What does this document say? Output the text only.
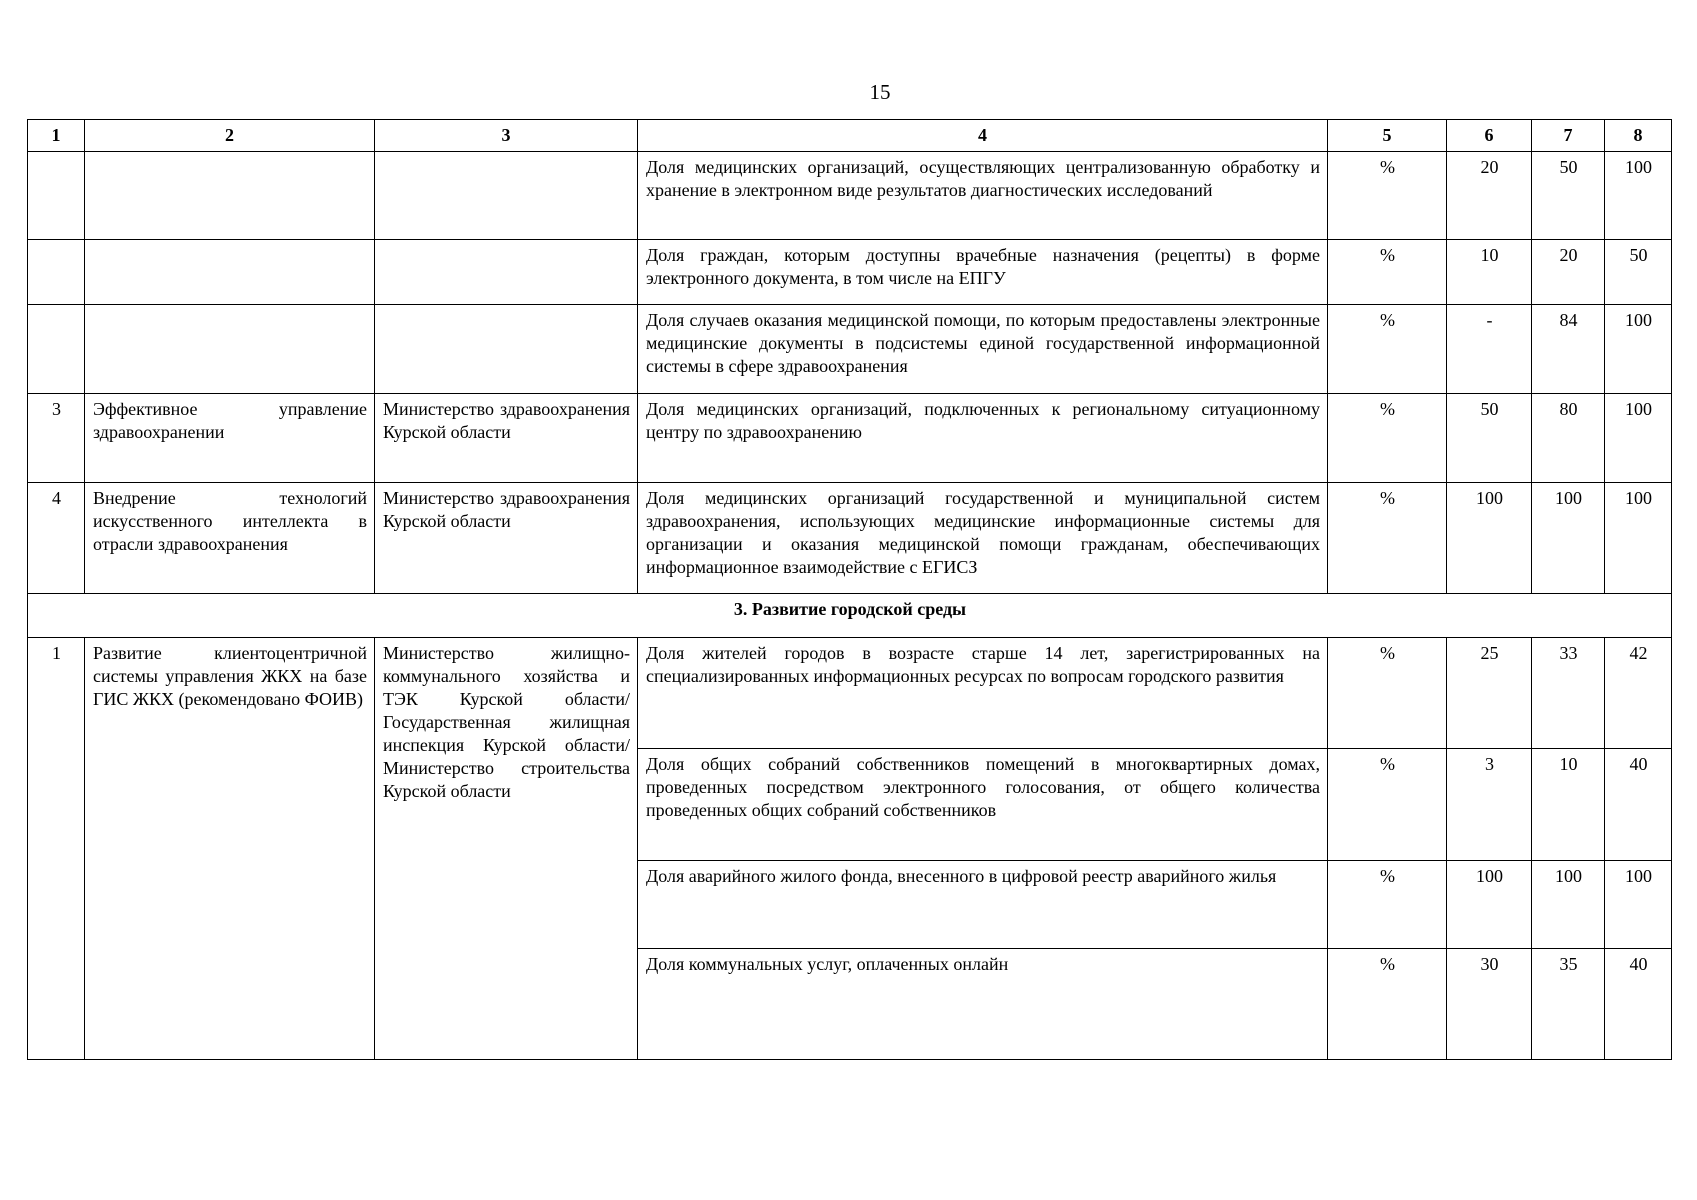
15
1	2	3	4	5	6	7	8
			Доля медицинских организаций, осуществляющих централизованную обработку и хранение в электронном виде результатов диагностических исследований	%	20	50	100
			Доля граждан, которым доступны врачебные назначения (рецепты) в форме электронного документа, в том числе на ЕПГУ	%	10	20	50
			Доля случаев оказания медицинской помощи, по которым предоставлены электронные медицинские документы в подсистемы единой государственной информационной системы в сфере здравоохранения	%	-	84	100
3	Эффективное управление здравоохранении	Министерство здравоохранения Курской области	Доля медицинских организаций, подключенных к региональному ситуационному центру по здравоохранению	%	50	80	100
4	Внедрение технологий искусственного интеллекта в отрасли здравоохранения	Министерство здравоохранения Курской области	Доля медицинских организаций государственной и муниципальной систем здравоохранения, использующих медицинские информационные системы для организации и оказания медицинской помощи гражданам, обеспечивающих информационное взаимодействие с ЕГИСЗ	%	100	100	100
3. Развитие городской среды							
1	Развитие клиентоцентричной системы управления ЖКХ на базе ГИС ЖКХ (рекомендовано ФОИВ)	Министерство жилищно-коммунального хозяйства и ТЭК Курской области/ Государственная жилищная инспекция Курской области/ Министерство строительства Курской области	Доля жителей городов в возрасте старше 14 лет, зарегистрированных на специализированных информационных ресурсах по вопросам городского развития	%	25	33	42
			Доля общих собраний собственников помещений в многоквартирных домах, проведенных посредством электронного голосования, от общего количества проведенных общих собраний собственников	%	3	10	40
			Доля аварийного жилого фонда, внесенного в цифровой реестр аварийного жилья	%	100	100	100
			Доля коммунальных услуг, оплаченных онлайн	%	30	35	40
